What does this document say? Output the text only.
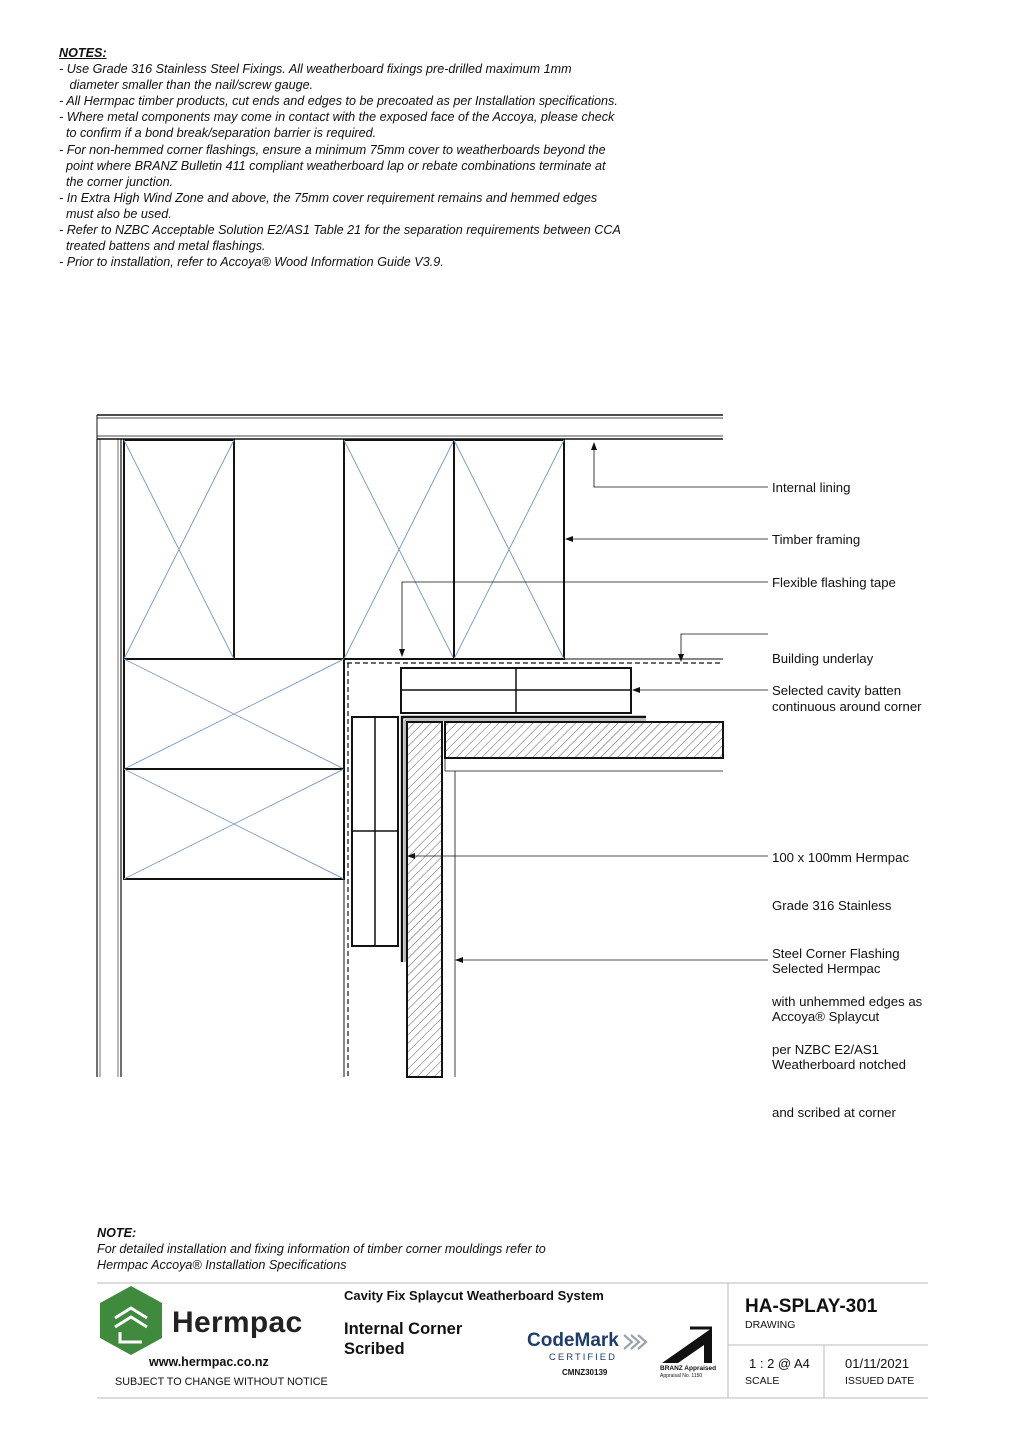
NOTES:
- Use Grade 316 Stainless Steel Fixings. All weatherboard fixings pre-drilled maximum 1mm
diameter smaller than the nail/screw gauge.
- All Hermpac timber products, cut ends and edges to be precoated as per Installation specifications.
- Where metal components may come in contact with the exposed face of the Accoya, please check
to confirm if a bond break/separation barrier is required.
- For non-hemmed corner flashings, ensure a minimum 75mm cover to weatherboards beyond the
point where BRANZ Bulletin 411 compliant weatherboard lap or rebate combinations terminate at
the corner junction.
- In Extra High Wind Zone and above, the 75mm cover requirement remains and hemmed edges
must also be used.
- Refer to NZBC Acceptable Solution E2/AS1 Table 21 for the separation requirements between CCA
treated battens and metal flashings.
- Prior to installation, refer to Accoya® Wood Information Guide V3.9.
Internal lining
Timber framing
Flexible flashing tape

Building underlay

continuous around corner

Selected cavity batten

100 x 100mm Hermpac

Grade 316 Stainless

Steel Corner Flashing

with unhemmed edges as

per NZBC E2/AS1

Selected Hermpac

Accoya® Splaycut

Weatherboard notched

and scribed at corner

NOTE:
For detailed installation and fixing information of timber corner mouldings refer to
Hermpac Accoya® Installation Specifications
Hermpac
www.hermpac.co.nz
SUBJECT TO CHANGE WITHOUT NOTICE
Cavity Fix Splaycut Weatherboard System
Internal Corner
Scribed	CodeMark
CERTIFIED
CMNZ30139	BRANZ Appraised
Appraisal No. 1150
HA-SPLAY-301
DRAWING
1 : 2 @ A4
SCALE
01/11/2021
ISSUED DATE
